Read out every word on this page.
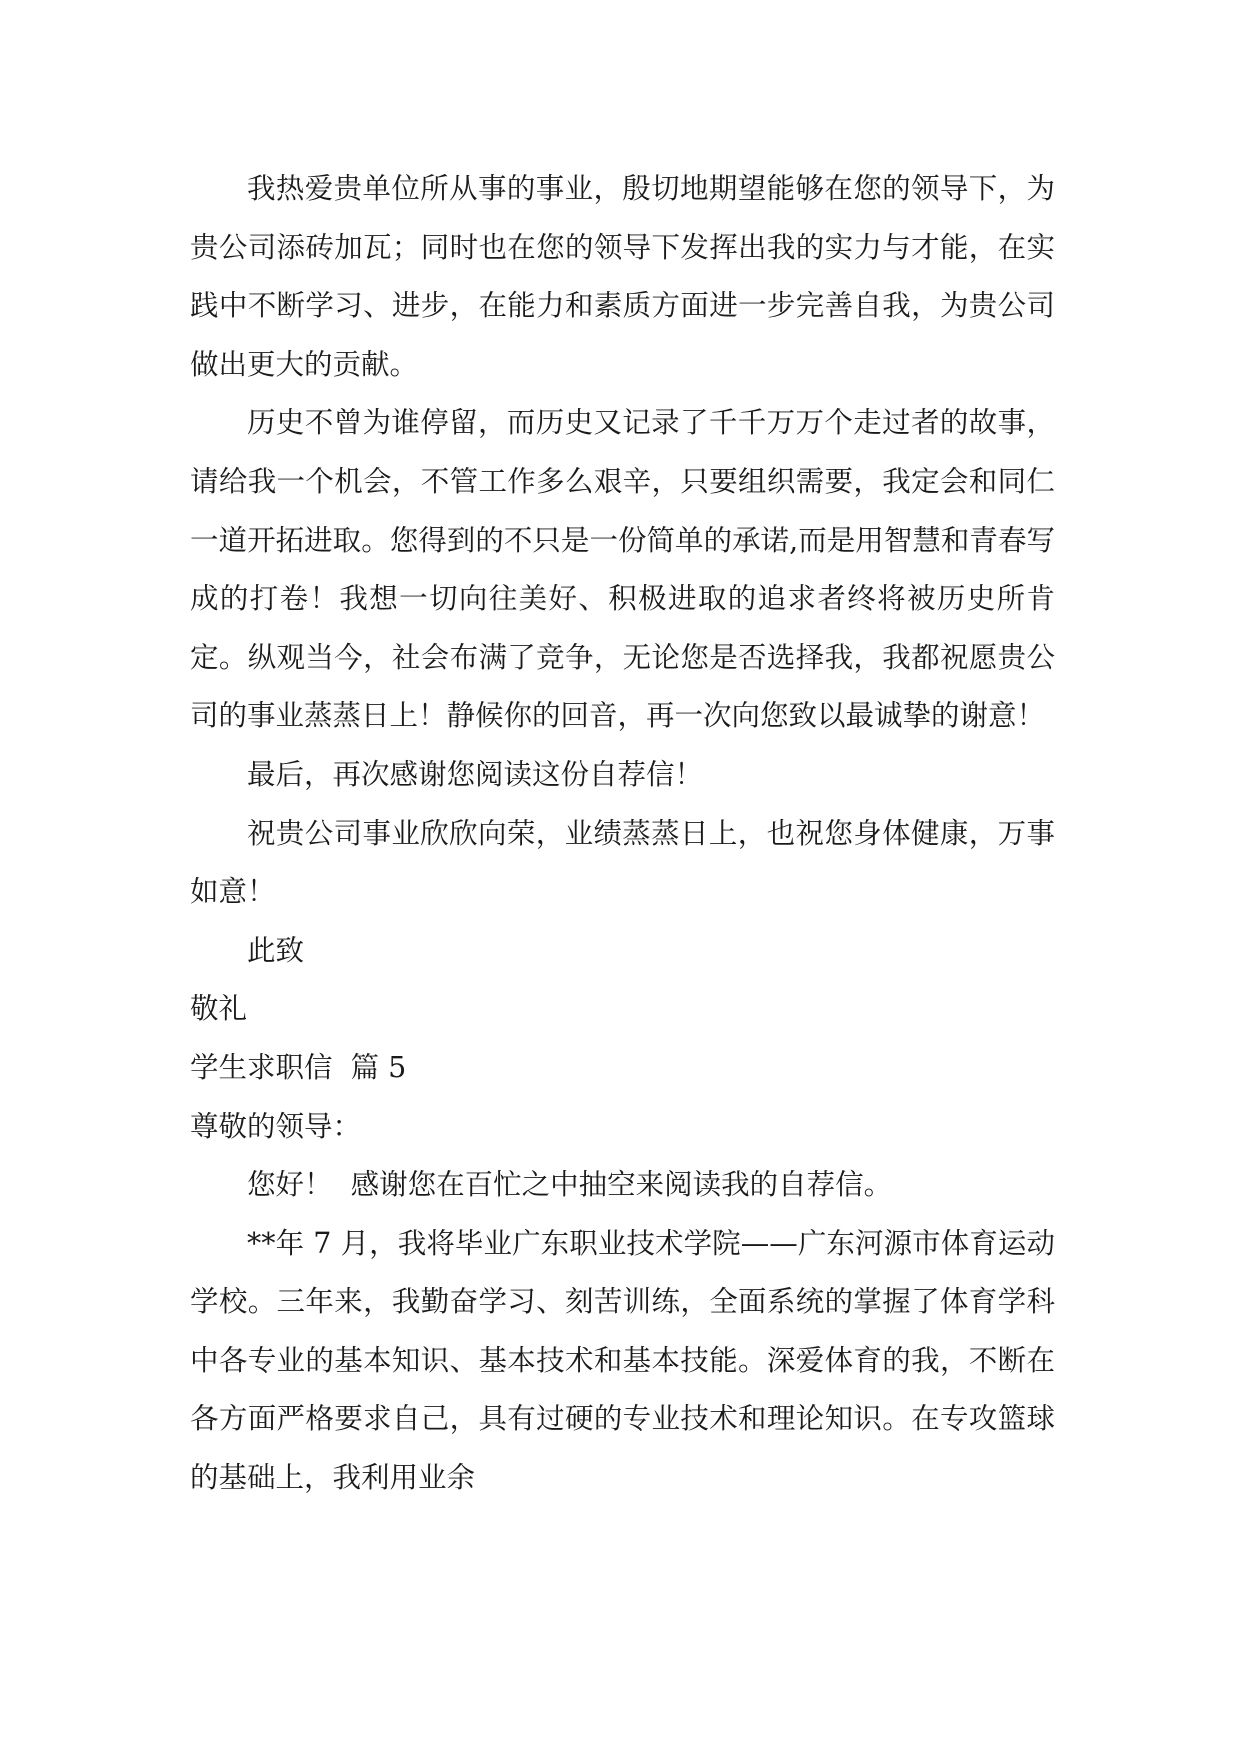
我热爱贵单位所从事的事业，殷切地期望能够在您的领导下，为贵公司添砖加瓦；同时也在您的领导下发挥出我的实力与才能，在实践中不断学习、进步，在能力和素质方面进一步完善自我，为贵公司做出更大的贡献。

历史不曾为谁停留，而历史又记录了千千万万个走过者的故事，请给我一个机会，不管工作多么艰辛，只要组织需要，我定会和同仁一道开拓进取。您得到的不只是一份简单的承诺,而是用智慧和青春写成的打卷！我想一切向往美好、积极进取的追求者终将被历史所肯定。纵观当今，社会布满了竞争，无论您是否选择我，我都祝愿贵公司的事业蒸蒸日上！静候你的回音，再一次向您致以最诚挚的谢意！

最后，再次感谢您阅读这份自荐信！

祝贵公司事业欣欣向荣，业绩蒸蒸日上，也祝您身体健康，万事如意！

此致

敬礼

学生求职信  篇 5

尊敬的领导：

您好！  感谢您在百忙之中抽空来阅读我的自荐信。

**年 7 月，我将毕业广东职业技术学院——广东河源市体育运动学校。三年来，我勤奋学习、刻苦训练，全面系统的掌握了体育学科中各专业的基本知识、基本技术和基本技能。深爱体育的我，不断在各方面严格要求自己，具有过硬的专业技术和理论知识。在专攻篮球的基础上，我利用业余
